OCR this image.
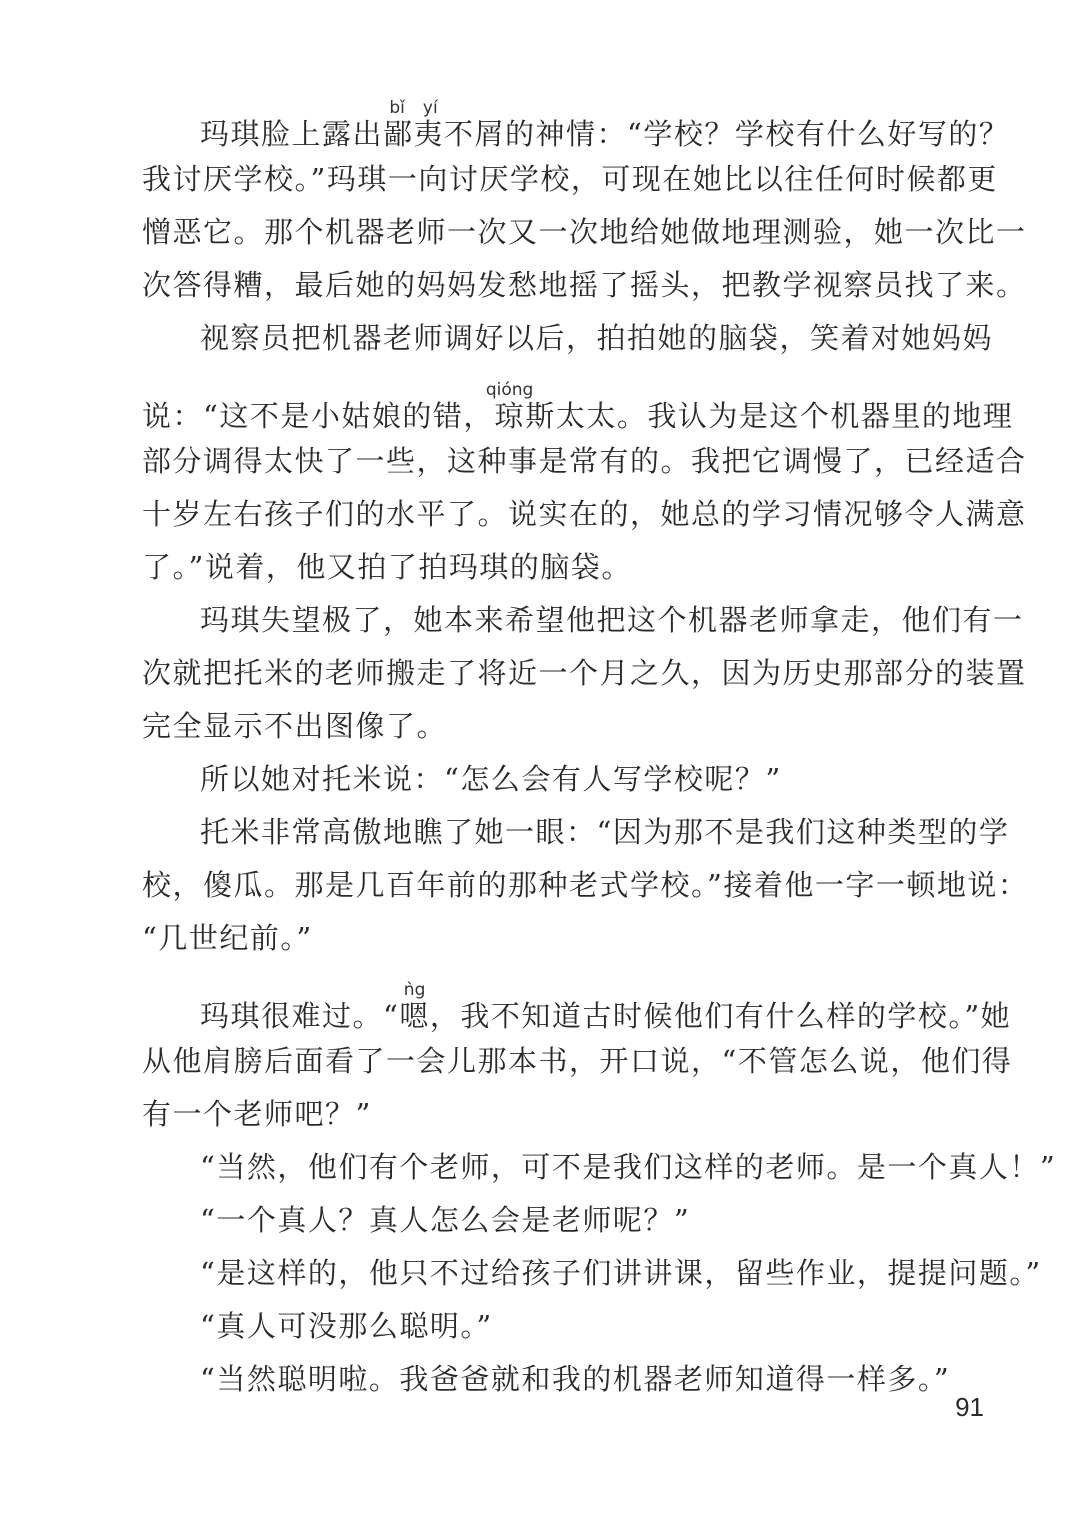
玛琪脸上露出鄙夷bǐ yí不屑的神情：“学校？学校有什么好写的？
我讨厌学校。”玛琪一向讨厌学校，可现在她比以往任何时候都更
憎恶它。那个机器老师一次又一次地给她做地理测验，她一次比一
次答得糟，最后她的妈妈发愁地摇了摇头，把教学视察员找了来。
视察员把机器老师调好以后，拍拍她的脑袋，笑着对她妈妈
说：“这不是小姑娘的错，琼qióng斯太太。我认为是这个机器里的地理
部分调得太快了一些，这种事是常有的。我把它调慢了，已经适合
十岁左右孩子们的水平了。说实在的，她总的学习情况够令人满意
了。”说着，他又拍了拍玛琪的脑袋。
玛琪失望极了，她本来希望他把这个机器老师拿走，他们有一
次就把托米的老师搬走了将近一个月之久，因为历史那部分的装置
完全显示不出图像了。
所以她对托米说：“怎么会有人写学校呢？”
托米非常高傲地瞧了她一眼：“因为那不是我们这种类型的学
校，傻瓜。那是几百年前的那种老式学校。”接着他一字一顿地说：
“几世纪前。”
玛琪很难过。“嗯ǹg，我不知道古时候他们有什么样的学校。”她
从他肩膀后面看了一会儿那本书，开口说，“不管怎么说，他们得
有一个老师吧？”
“当然，他们有个老师，可不是我们这样的老师。是一个真人！”
“一个真人？真人怎么会是老师呢？”
“是这样的，他只不过给孩子们讲讲课，留些作业，提提问题。”
“真人可没那么聪明。”
“当然聪明啦。我爸爸就和我的机器老师知道得一样多。”
91
